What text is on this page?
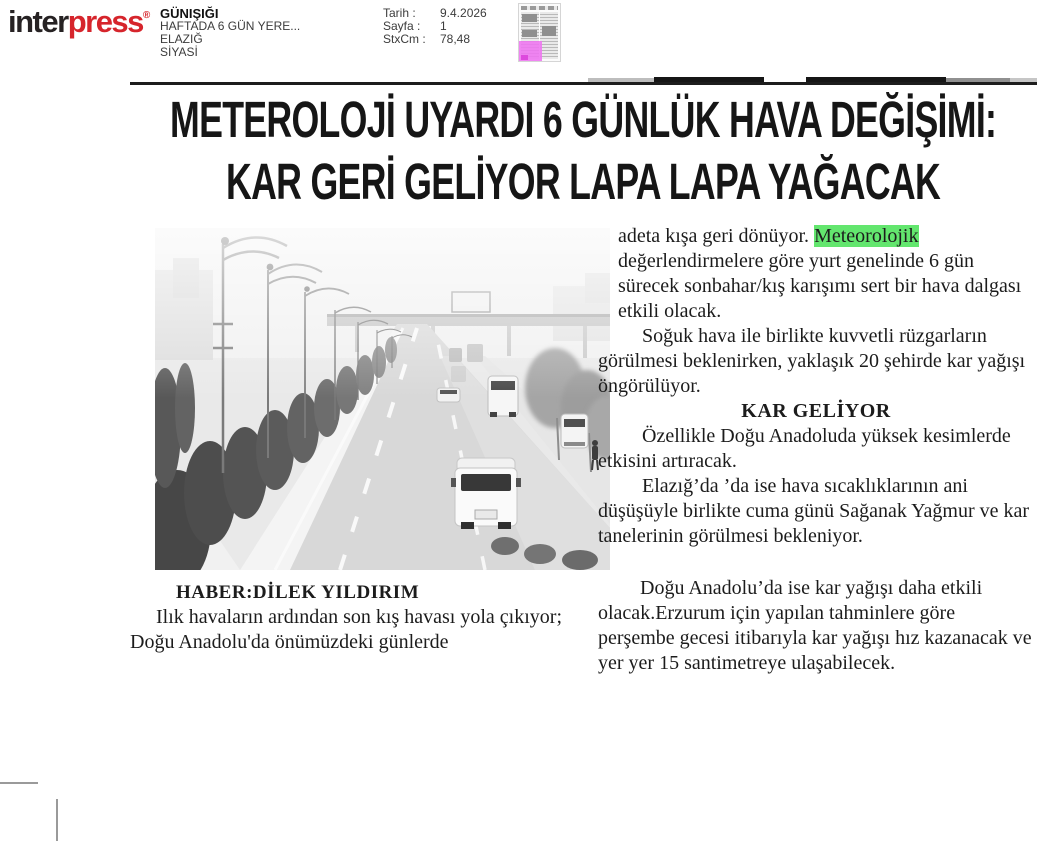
interpress® GÜNIŞIĞI
HAFTADA 6 GÜN YERE...
ELAZIĞ
SİYASİ
Tarih :	9.4.2026
Sayfa :	1
StxCm :	78,48
METEROLOJİ UYARDI 6 GÜNLÜK HAVA DEĞİŞİMİ:
KAR GERİ GELİYOR LAPA LAPA YAĞACAK

HABER:DİLEK YILDIRIM

Ilık havaların ardından son kış havası yola çıkıyor; Doğu Anadolu'da önümüzdeki günlerde

adeta kışa geri dönüyor. Meteorolojik değerlendirmelere göre yurt genelinde 6 gün sürecek sonbahar/kış karışımı sert bir hava dalgası etkili olacak.

Soğuk hava ile birlikte kuvvetli rüzgarların görülmesi beklenirken, yaklaşık 20 şehirde kar yağışı öngörülüyor.

KAR GELİYOR

Özellikle Doğu Anadoluda yüksek kesimlerde etkisini artıracak.

Elazığ’da ’da ise hava sıcaklıklarının ani düşüşüyle birlikte cuma günü Sağanak Yağmur ve kar tanelerinin görülmesi bekleniyor.

Doğu Anadolu’da ise kar yağışı daha etkili olacak.Erzurum için yapılan tahminlere göre perşembe gecesi itibarıyla kar yağışı hız kazanacak ve yer yer 15 santimetreye ulaşabilecek.
